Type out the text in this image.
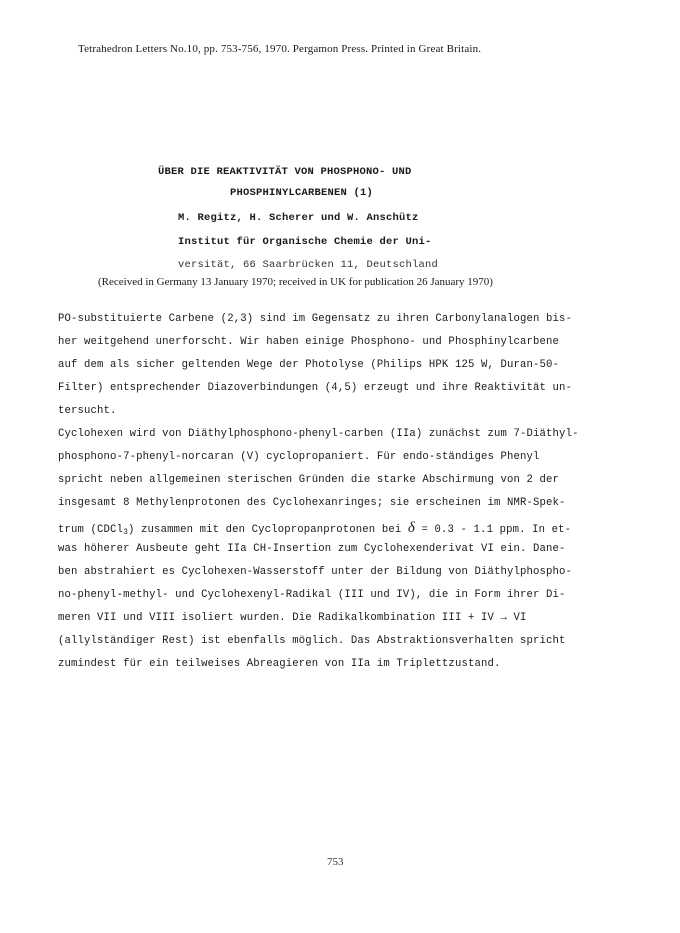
Tetrahedron Letters No.10, pp. 753-756, 1970. Pergamon Press. Printed in Great Britain.
ÜBER DIE REAKTIVITÄT VON PHOSPHONO- UND
PHOSPHINYLCARBENEN (1)
M. Regitz, H. Scherer und W. Anschütz
Institut für Organische Chemie der Uni-
versität, 66 Saarbrücken 11, Deutschland
(Received in Germany 13 January 1970; received in UK for publication 26 January 1970)
PO-substituierte Carbene (2,3) sind im Gegensatz zu ihren Carbonylanalogen bis-
her weitgehend unerforscht. Wir haben einige Phosphono- und Phosphinylcarbene
auf dem als sicher geltenden Wege der Photolyse (Philips HPK 125 W, Duran-50-
Filter) entsprechender Diazoverbindungen (4,5) erzeugt und ihre Reaktivität un-
tersucht.
Cyclohexen wird von Diäthylphosphono-phenyl-carben (IIa) zunächst zum 7-Diäthyl-
phosphono-7-phenyl-norcaran (V) cyclopropaniert. Für endo-ständiges Phenyl
spricht neben allgemeinen sterischen Gründen die starke Abschirmung von 2 der
insgesamt 8 Methylenprotonen des Cyclohexanringes; sie erscheinen im NMR-Spek-
trum (CDCl$_3$) zusammen mit den Cyclopropanprotonen bei δ = 0.3 - 1.1 ppm. In et-
was höherer Ausbeute geht IIa CH-Insertion zum Cyclohexenderivat VI ein. Dane-
ben abstrahiert es Cyclohexen-Wasserstoff unter der Bildung von Diäthylphospho-
no-phenyl-methyl- und Cyclohexenyl-Radikal (III und IV), die in Form ihrer Di-
meren VII und VIII isoliert wurden. Die Radikalkombination III + IV → VI
(allylständiger Rest) ist ebenfalls möglich. Das Abstraktionsverhalten spricht
zumindest für ein teilweises Abreagieren von IIa im Triplettzustand.
753
